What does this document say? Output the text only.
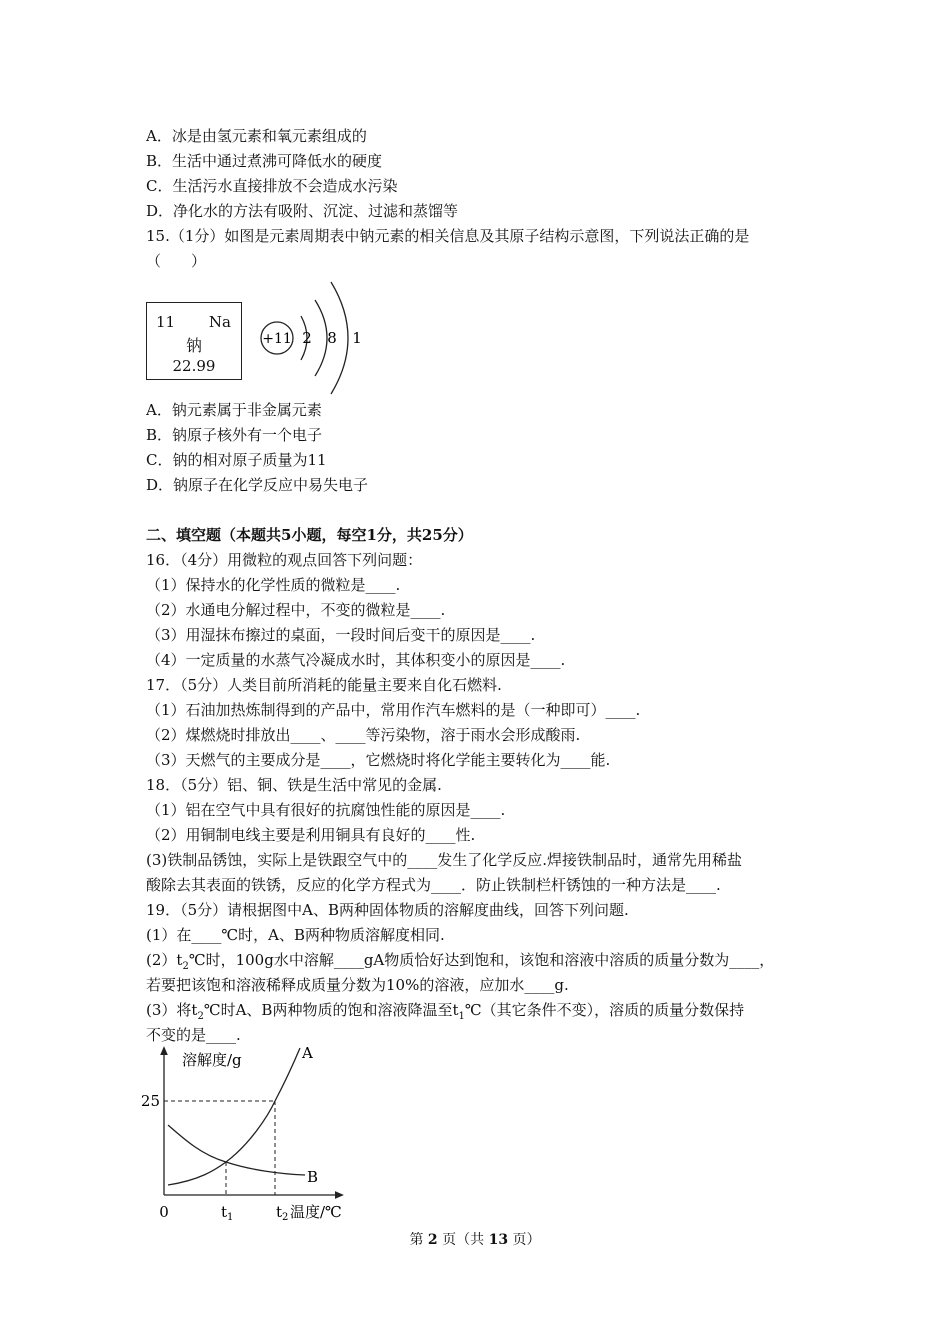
A．冰是由氢元素和氧元素组成的
B．生活中通过煮沸可降低水的硬度
C．生活污水直接排放不会造成水污染
D．净化水的方法有吸附、沉淀、过滤和蒸馏等
15.（1分）如图是元素周期表中钠元素的相关信息及其原子结构示意图，下列说法正确的是
（　　）
11 Na
钠
22.99
+11 2 8 1
A．钠元素属于非金属元素
B．钠原子核外有一个电子
C．钠的相对原子质量为11
D．钠原子在化学反应中易失电子
二、填空题（本题共5小题，每空1分，共25分）
16．（4分）用微粒的观点回答下列问题：
（1）保持水的化学性质的微粒是____.
（2）水通电分解过程中，不变的微粒是____.
（3）用湿抹布擦过的桌面，一段时间后变干的原因是____.
（4）一定质量的水蒸气冷凝成水时，其体积变小的原因是____.
17．（5分）人类目前所消耗的能量主要来自化石燃料.
（1）石油加热炼制得到的产品中，常用作汽车燃料的是（一种即可）____.
（2）煤燃烧时排放出____、____等污染物，溶于雨水会形成酸雨.
（3）天燃气的主要成分是____，它燃烧时将化学能主要转化为____能.
18．（5分）铝、铜、铁是生活中常见的金属.
（1）铝在空气中具有很好的抗腐蚀性能的原因是____.
（2）用铜制电线主要是利用铜具有良好的____性.
(3)铁制品锈蚀，实际上是铁跟空气中的____发生了化学反应.焊接铁制品时，通常先用稀盐
酸除去其表面的铁锈，反应的化学方程式为____．防止铁制栏杆锈蚀的一种方法是____.
19．（5分）请根据图中A、B两种固体物质的溶解度曲线，回答下列问题.
(1）在____℃时，A、B两种物质溶解度相同.
$(2)t_2℃$时，100g水中溶解____gA物质恰好达到饱和，该饱和溶液中溶质的质量分数为____，
若要把该饱和溶液稀释成质量分数为10%的溶液，应加水____g.
(3）将$t_2℃$时A、B两种物质的饱和溶液降温至$t_1℃$（其它条件不变），溶质的质量分数保持
不变的是____.
溶解度/g
25
A
B
0	$t_1$	$t_2$ 温度/℃
第 2 页（共 13 页）
